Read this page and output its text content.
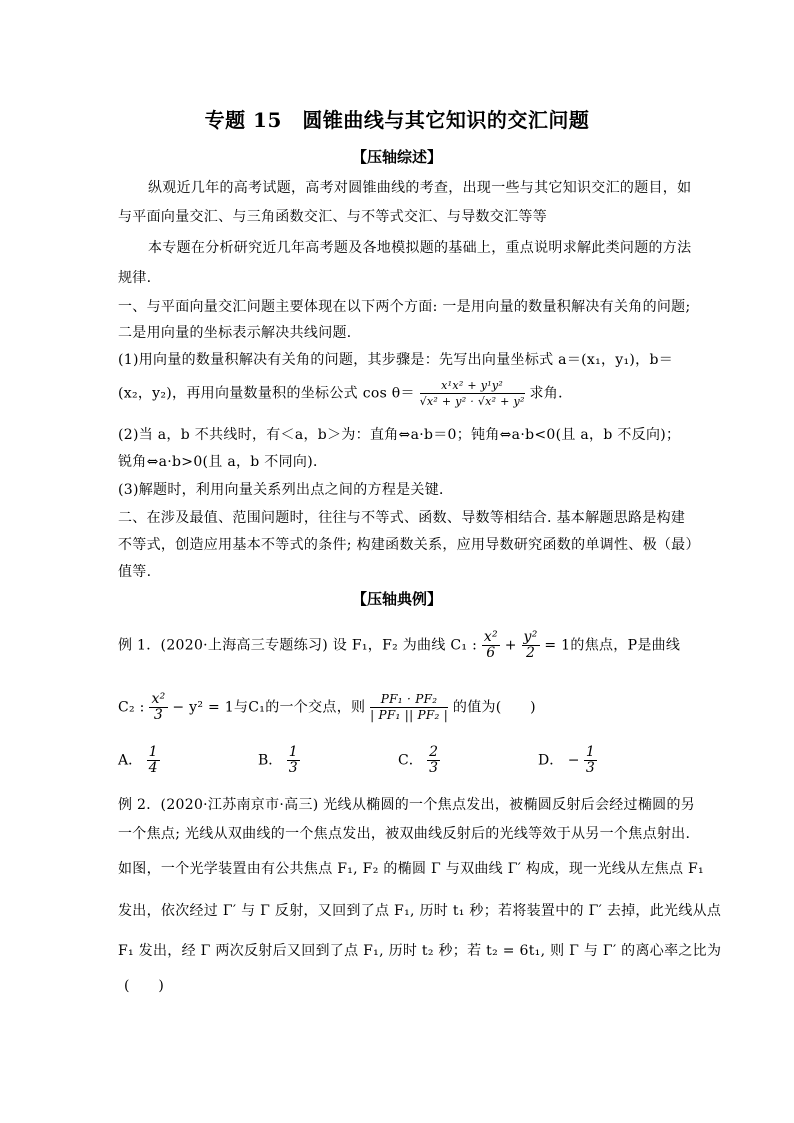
专题 15　圆锥曲线与其它知识的交汇问题
【压轴综述】
纵观近几年的高考试题，高考对圆锥曲线的考查，出现一些与其它知识交汇的题目，如
与平面向量交汇、与三角函数交汇、与不等式交汇、与导数交汇等等
本专题在分析研究近几年高考题及各地模拟题的基础上，重点说明求解此类问题的方法
规律.
一、与平面向量交汇问题主要体现在以下两个方面: 一是用向量的数量积解决有关角的问题;
二是用向量的坐标表示解决共线问题．
(1)用向量的数量积解决有关角的问题，其步骤是：先写出向量坐标式 a＝(x₁，y₁)，b＝
(x₂，y₂)，再用向量数量积的坐标公式 $\cos \theta= \frac{\text{x¹x² + y¹y²}}{\text{√x² + y² · √x² + y²}}$ 求角．
(2)当 a，b 不共线时，有＜a，b＞为：直角⇔a·b＝0；钝角⇔a·b<0(且 a，b 不反向)；
锐角⇔a·b>0(且 a，b 不同向)．
(3)解题时，利用向量关系列出点之间的方程是关键．
二、在涉及最值、范围问题时，往往与不等式、函数、导数等相结合. 基本解题思路是构建
不等式，创造应用基本不等式的条件; 构建函数关系，应用导数研究函数的单调性、极（最）
值等.
【压轴典例】
例 1．(2020·上海高三专题练习) 设 F₁，F₂ 为曲线 C₁ : $\frac{\text{x²}}{6} + \frac{\text{y²}}{2} = 1$的焦点，P是曲线
C₂ : $\frac{\text{x²}}{3} - y^2 = 1$与C₁的一个交点，则 $\frac{\text{PF₁ · PF₂}}{\text{| PF₁ || PF₂ |}}$ 的值为(　　)
A． $\frac{1}{4}$	B． $\frac{1}{3}$	C． $\frac{2}{3}$	D． − $\frac{1}{3}$
例 2．(2020·江苏南京市·高三) 光线从椭圆的一个焦点发出，被椭圆反射后会经过椭圆的另
一个焦点; 光线从双曲线的一个焦点发出，被双曲线反射后的光线等效于从另一个焦点射出.
如图，一个光学装置由有公共焦点 F₁, F₂ 的椭圆 Γ 与双曲线 Γ′ 构成，现一光线从左焦点 F₁
发出，依次经过 Γ′ 与 Γ 反射，又回到了点 F₁, 历时 t₁ 秒；若将装置中的 Γ′ 去掉，此光线从点
F₁ 发出，经 Γ 两次反射后又回到了点 F₁, 历时 t₂ 秒；若 t₂ = 6t₁, 则 Γ 与 Γ′ 的离心率之比为
(　　)
